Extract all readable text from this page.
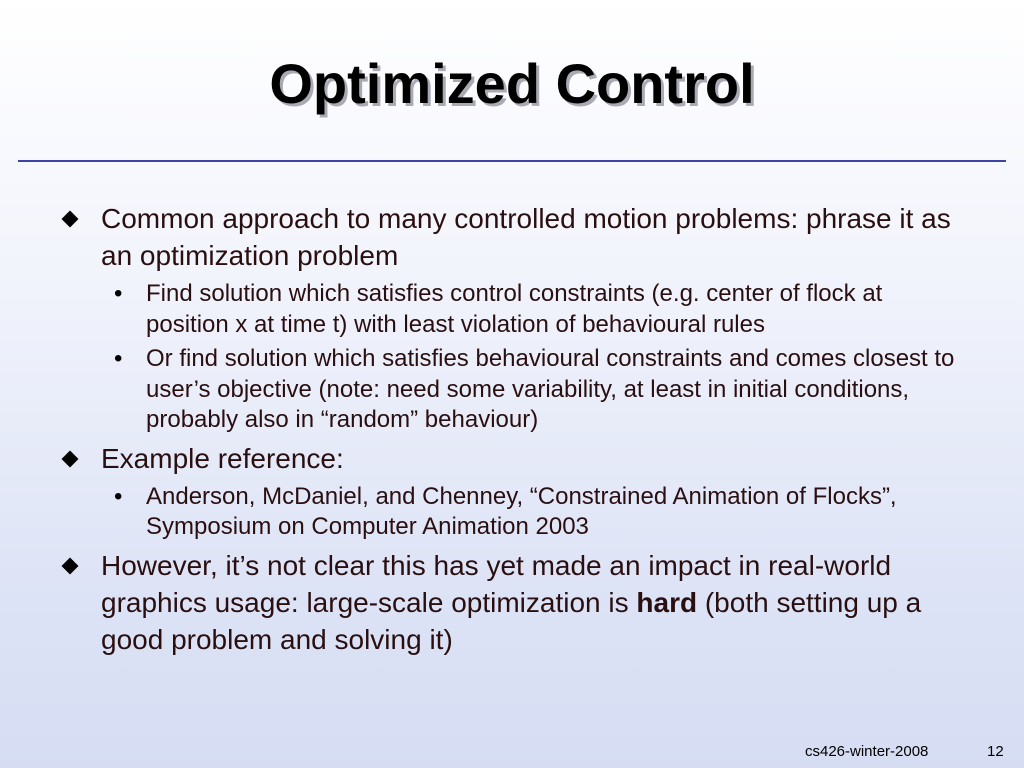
Optimized Control
Common approach to many controlled motion problems: phrase it as an optimization problem
• Find solution which satisfies control constraints (e.g. center of flock at position x at time t) with least violation of behavioural rules
• Or find solution which satisfies behavioural constraints and comes closest to user’s objective (note: need some variability, at least in initial conditions, probably also in “random” behaviour)
Example reference:
• Anderson, McDaniel, and Chenney, “Constrained Animation of Flocks”, Symposium on Computer Animation 2003
However, it’s not clear this has yet made an impact in real-world graphics usage: large-scale optimization is hard (both setting up a good problem and solving it)
cs426-winter-2008	12
